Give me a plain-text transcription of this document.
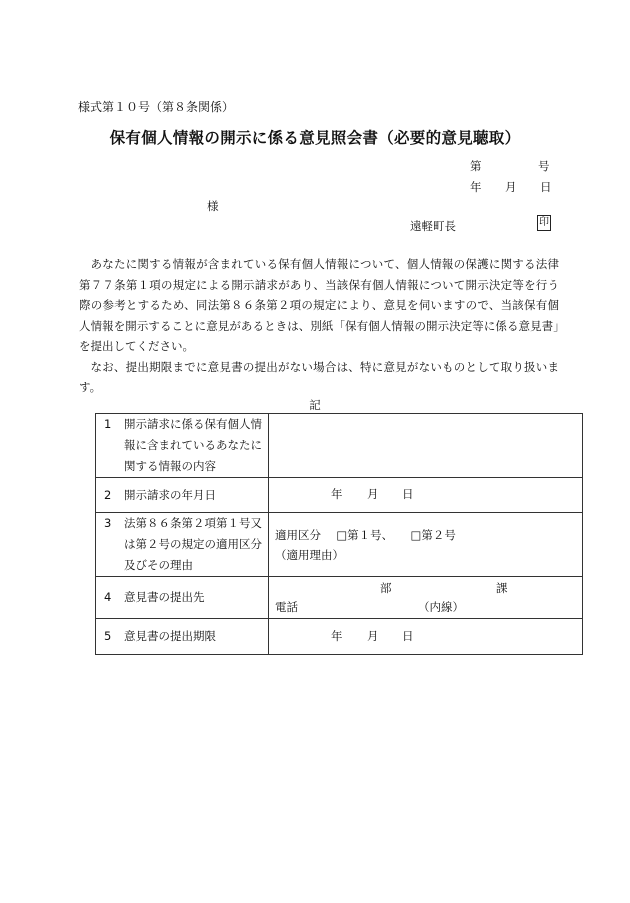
様式第１０号（第８条関係）
保有個人情報の開示に係る意見照会書（必要的意見聴取）
第	号
年 月 日
様
遠軽町長	印

あなたに関する情報が含まれている保有個人情報について、個人情報の保護に関する法律第７７条第１項の規定による開示請求があり、当該保有個人情報について開示決定等を行う際の参考とするため、同法第８６条第２項の規定により、意見を伺いますので、当該保有個人情報を開示することに意見があるときは、別紙「保有個人情報の開示決定等に係る意見書」を提出してください。

なお、提出期限までに意見書の提出がない場合は、特に意見がないものとして取り扱います。

記
1 開示請求に係る保有個人情報に含まれているあなたに関する情報の内容	

2 開示請求の年月日	年 月 日

3 法第８６条第２項第１号又は第２号の規定の適用区分及びその理由	適用区分 □第１号、 □第２号
（適用理由）

4 意見書の提出先	部 課
電話 （内線）

5 意見書の提出期限	年 月 日
